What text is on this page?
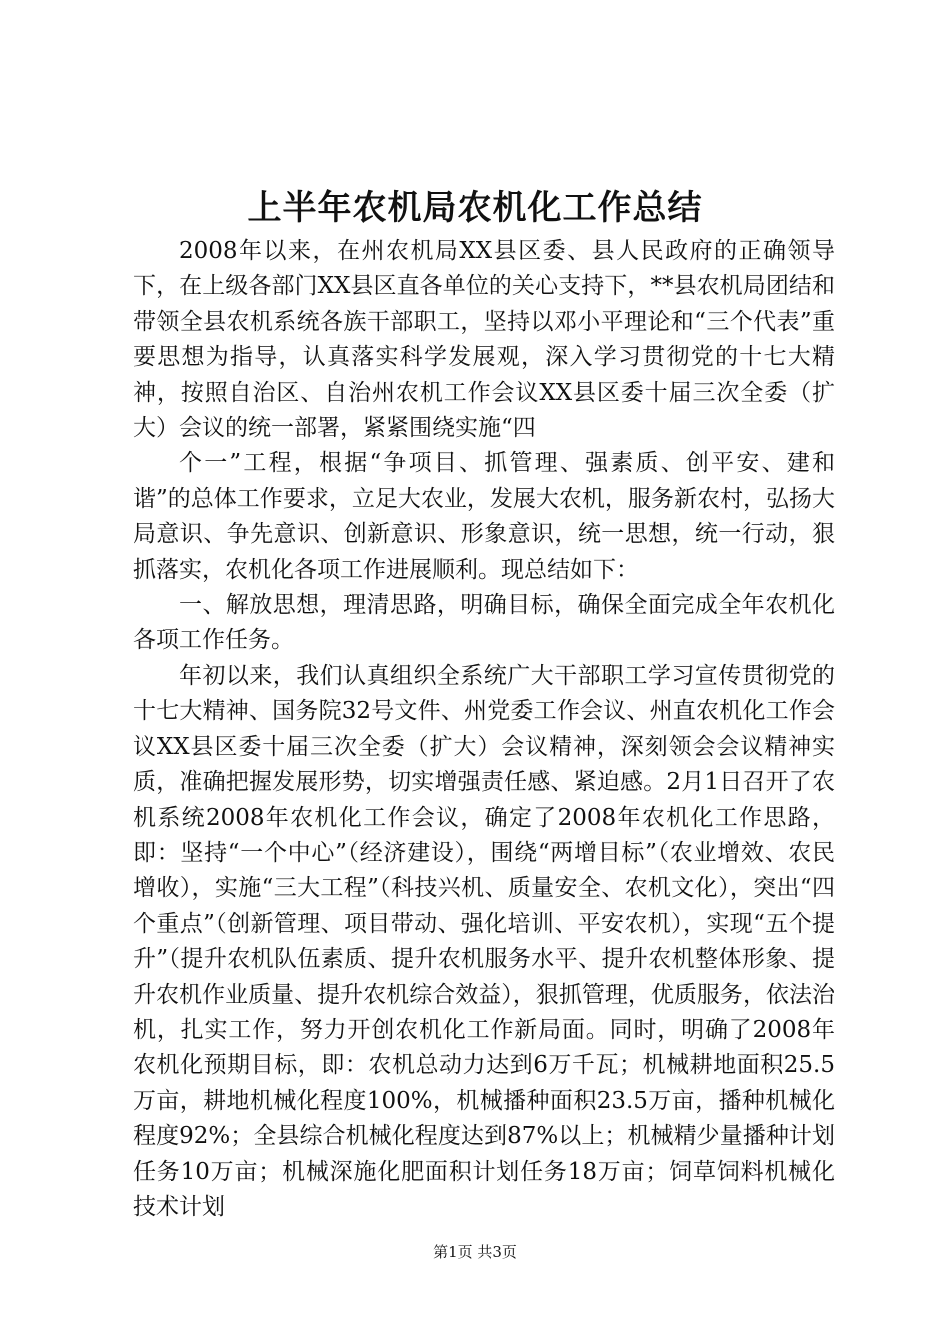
上半年农机局农机化工作总结

2008年以来，在州农机局XX县区委、县人民政府的正确领导下，在上级各部门XX县区直各单位的关心支持下，**县农机局团结和带领全县农机系统各族干部职工，坚持以邓小平理论和“三个代表”重要思想为指导，认真落实科学发展观，深入学习贯彻党的十七大精神，按照自治区、自治州农机工作会议XX县区委十届三次全委（扩大）会议的统一部署，紧紧围绕实施“四

个一”工程，根据“争项目、抓管理、强素质、创平安、建和谐”的总体工作要求，立足大农业，发展大农机，服务新农村，弘扬大局意识、争先意识、创新意识、形象意识，统一思想，统一行动，狠抓落实，农机化各项工作进展顺利。现总结如下：

一、解放思想，理清思路，明确目标，确保全面完成全年农机化各项工作任务。

年初以来，我们认真组织全系统广大干部职工学习宣传贯彻党的十七大精神、国务院32号文件、州党委工作会议、州直农机化工作会议XX县区委十届三次全委（扩大）会议精神，深刻领会会议精神实质，准确把握发展形势，切实增强责任感、紧迫感。2月1日召开了农机系统2008年农机化工作会议，确定了2008年农机化工作思路，即：坚持“一个中心”（经济建设），围绕“两增目标”（农业增效、农民增收），实施“三大工程”（科技兴机、质量安全、农机文化），突出“四个重点”（创新管理、项目带动、强化培训、平安农机），实现“五个提升”（提升农机队伍素质、提升农机服务水平、提升农机整体形象、提升农机作业质量、提升农机综合效益），狠抓管理，优质服务，依法治机，扎实工作，努力开创农机化工作新局面。同时，明确了2008年农机化预期目标，即：农机总动力达到6万千瓦；机械耕地面积25.5万亩，耕地机械化程度100%，机械播种面积23.5万亩，播种机械化程度92%；全县综合机械化程度达到87%以上；机械精少量播种计划任务10万亩；机械深施化肥面积计划任务18万亩；饲草饲料机械化技术计划

第1页 共3页
